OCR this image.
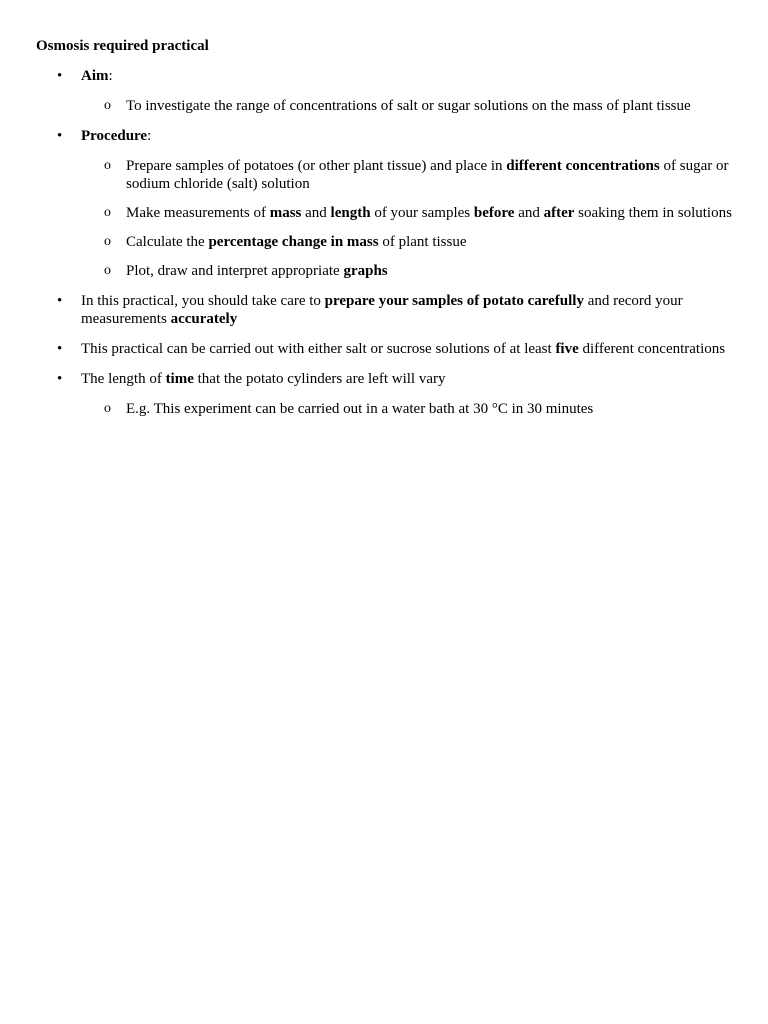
Osmosis required practical
• Aim:
o To investigate the range of concentrations of salt or sugar solutions on the mass of plant tissue
• Procedure:
o Prepare samples of potatoes (or other plant tissue) and place in different concentrations of sugar or sodium chloride (salt) solution
o Make measurements of mass and length of your samples before and after soaking them in solutions
o Calculate the percentage change in mass of plant tissue
o Plot, draw and interpret appropriate graphs
• In this practical, you should take care to prepare your samples of potato carefully and record your measurements accurately
• This practical can be carried out with either salt or sucrose solutions of at least five different concentrations
• The length of time that the potato cylinders are left will vary
o E.g. This experiment can be carried out in a water bath at 30 °C in 30 minutes
